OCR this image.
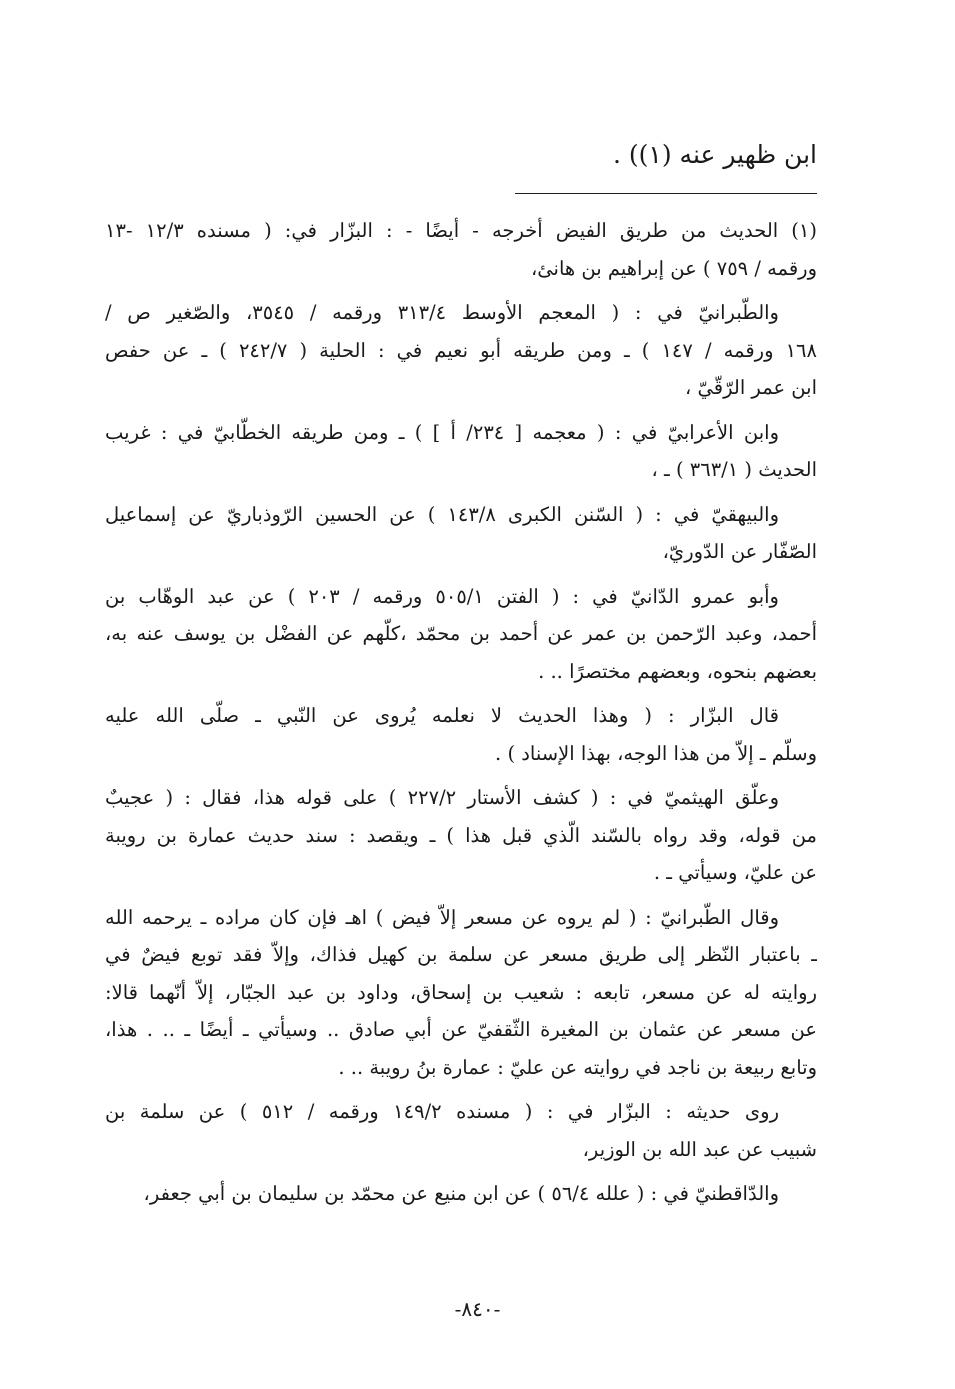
ابن ظهير عنه (١)) .
(١) الحديث من طريق الفيض أخرجه - أيضًا - : البزّار في: ( مسنده ١٢/٣ -١٣
ورقمه / ٧٥٩ ) عن إبراهيم بن هانئ،
والطّبرانيّ في : ( المعجم الأوسط ٣١٣/٤ ورقمه / ٣٥٤٥، والصّغير ص /
١٦٨ ورقمه / ١٤٧ ) ـ ومن طريقه أبو نعيم في : الحلية ( ٢٤٢/٧ ) ـ عن حفص
ابن عمر الرّقّيّ ،
وابن الأعرابيّ في : ( معجمه [ ٢٣٤/ أ ] ) ـ ومن طريقه الخطّابيّ في : غريب
الحديث ( ٣٦٣/١ ) ـ ،
والبيهقيّ في : ( السّنن الكبرى ١٤٣/٨ ) عن الحسين الرّوذباريّ عن إسماعيل
الصّفّار عن الدّوريّ،
وأبو عمرو الدّانيّ في : ( الفتن ٥٠٥/١ ورقمه / ٢٠٣ ) عن عبد الوهّاب بن
أحمد، وعبد الرّحمن بن عمر عن أحمد بن محمّد ،كلّهم عن الفضْل بن يوسف عنه به،
بعضهم بنحوه، وبعضهم مختصرًا .. .
قال البزّار : ( وهذا الحديث لا نعلمه يُروى عن النّبي ـ صلّى الله عليه
وسلّم ـ إلاّ من هذا الوجه، بهذا الإسناد ) .
وعلّق الهيثميّ في : ( كشف الأستار ٢٢٧/٢ ) على قوله هذا، فقال : ( عجيبٌ
من قوله، وقد رواه بالسّند الّذي قبل هذا ) ـ ويقصد : سند حديث عمارة بن رويبة
عن عليّ، وسيأتي ـ .
وقال الطّبرانيّ : ( لم يروه عن مسعر إلاّ فيض ) اهـ فإن كان مراده ـ يرحمه الله
ـ باعتبار النّظر إلى طريق مسعر عن سلمة بن كهيل فذاك، وإلاّ فقد توبع فيضٌ في
روايته له عن مسعر، تابعه : شعيب بن إسحاق، وداود بن عبد الجبّار، إلاّ أنّهما قالا:
عن مسعر عن عثمان بن المغيرة الثّقفيّ عن أبي صادق .. وسيأتي ـ أيضًا ـ .. . هذا،
وتابع ربيعة بن ناجد في روايته عن عليّ : عمارة بنُ رويبة .. .
روى حديثه : البزّار في : ( مسنده ١٤٩/٢ ورقمه / ٥١٢ ) عن سلمة بن
شبيب عن عبد الله بن الوزير،
والدّاقطنيّ في : ( علله ٥٦/٤ ) عن ابن منيع عن محمّد بن سليمان بن أبي جعفر،
-٨٤٠-
